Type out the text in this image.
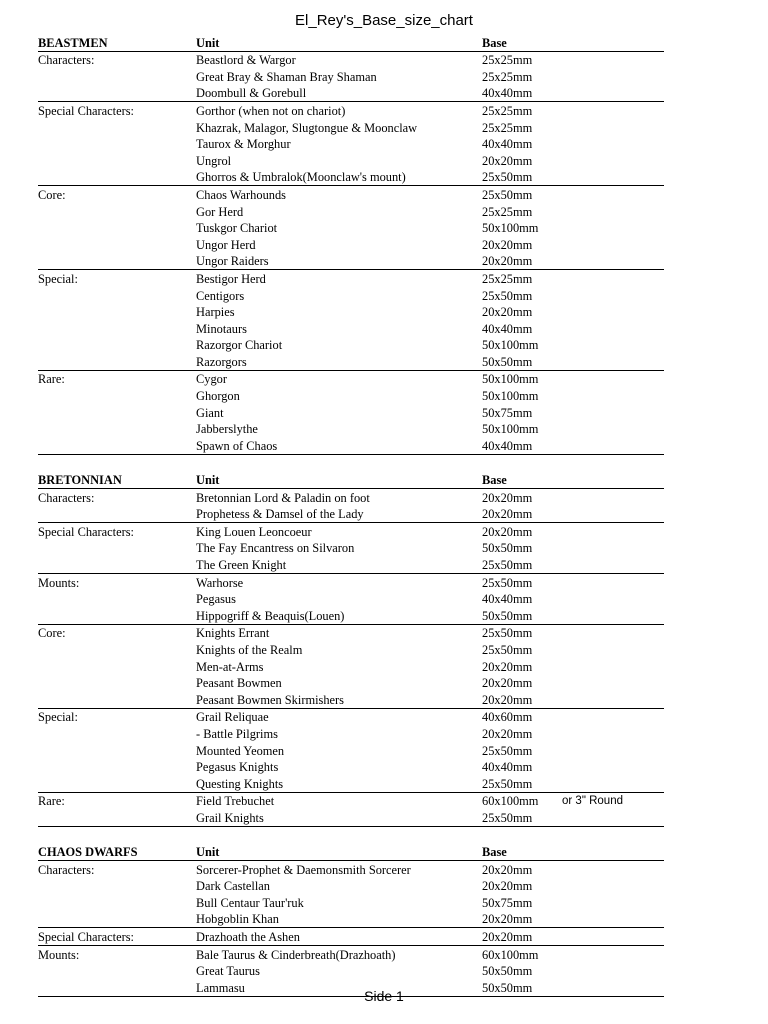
El_Rey's_Base_size_chart
BEASTMEN	Unit	Base	
Characters:	Beastlord & Wargor	25x25mm	
	Great Bray & Shaman Bray Shaman	25x25mm	
	Doombull & Gorebull	40x40mm	
Special Characters:	Gorthor (when not on chariot)	25x25mm	
	Khazrak, Malagor, Slugtongue & Moonclaw	25x25mm	
	Taurox & Morghur	40x40mm	
	Ungrol	20x20mm	
	Ghorros & Umbralok(Moonclaw's mount)	25x50mm	
Core:	Chaos Warhounds	25x50mm	
	Gor Herd	25x25mm	
	Tuskgor Chariot	50x100mm	
	Ungor Herd	20x20mm	
	Ungor Raiders	20x20mm	
Special:	Bestigor Herd	25x25mm	
	Centigors	25x50mm	
	Harpies	20x20mm	
	Minotaurs	40x40mm	
	Razorgor Chariot	50x100mm	
	Razorgors	50x50mm	
Rare:	Cygor	50x100mm	
	Ghorgon	50x100mm	
	Giant	50x75mm	
	Jabberslythe	50x100mm	
	Spawn of Chaos	40x40mm	

BRETONNIAN	Unit	Base	
Characters:	Bretonnian Lord & Paladin on foot	20x20mm	
	Prophetess & Damsel of the Lady	20x20mm	
Special Characters:	King Louen Leoncoeur	20x20mm	
	The Fay Encantress on Silvaron	50x50mm	
	The Green Knight	25x50mm	
Mounts:	Warhorse	25x50mm	
	Pegasus	40x40mm	
	Hippogriff & Beaquis(Louen)	50x50mm	
Core:	Knights Errant	25x50mm	
	Knights of the Realm	25x50mm	
	Men-at-Arms	20x20mm	
	Peasant Bowmen	20x20mm	
	Peasant Bowmen Skirmishers	20x20mm	
Special:	Grail Reliquae	40x60mm	
	- Battle Pilgrims	20x20mm	
	Mounted Yeomen	25x50mm	
	Pegasus Knights	40x40mm	
	Questing Knights	25x50mm	
Rare:	Field Trebuchet	60x100mm	or 3" Round
	Grail Knights	25x50mm	

CHAOS DWARFS	Unit	Base	
Characters:	Sorcerer-Prophet & Daemonsmith Sorcerer	20x20mm	
	Dark Castellan	20x20mm	
	Bull Centaur Taur'ruk	50x75mm	
	Hobgoblin Khan	20x20mm	
Special Characters:	Drazhoath the Ashen	20x20mm	
Mounts:	Bale Taurus & Cinderbreath(Drazhoath)	60x100mm	
	Great Taurus	50x50mm	
	Lammasu	50x50mm	
Side 1
